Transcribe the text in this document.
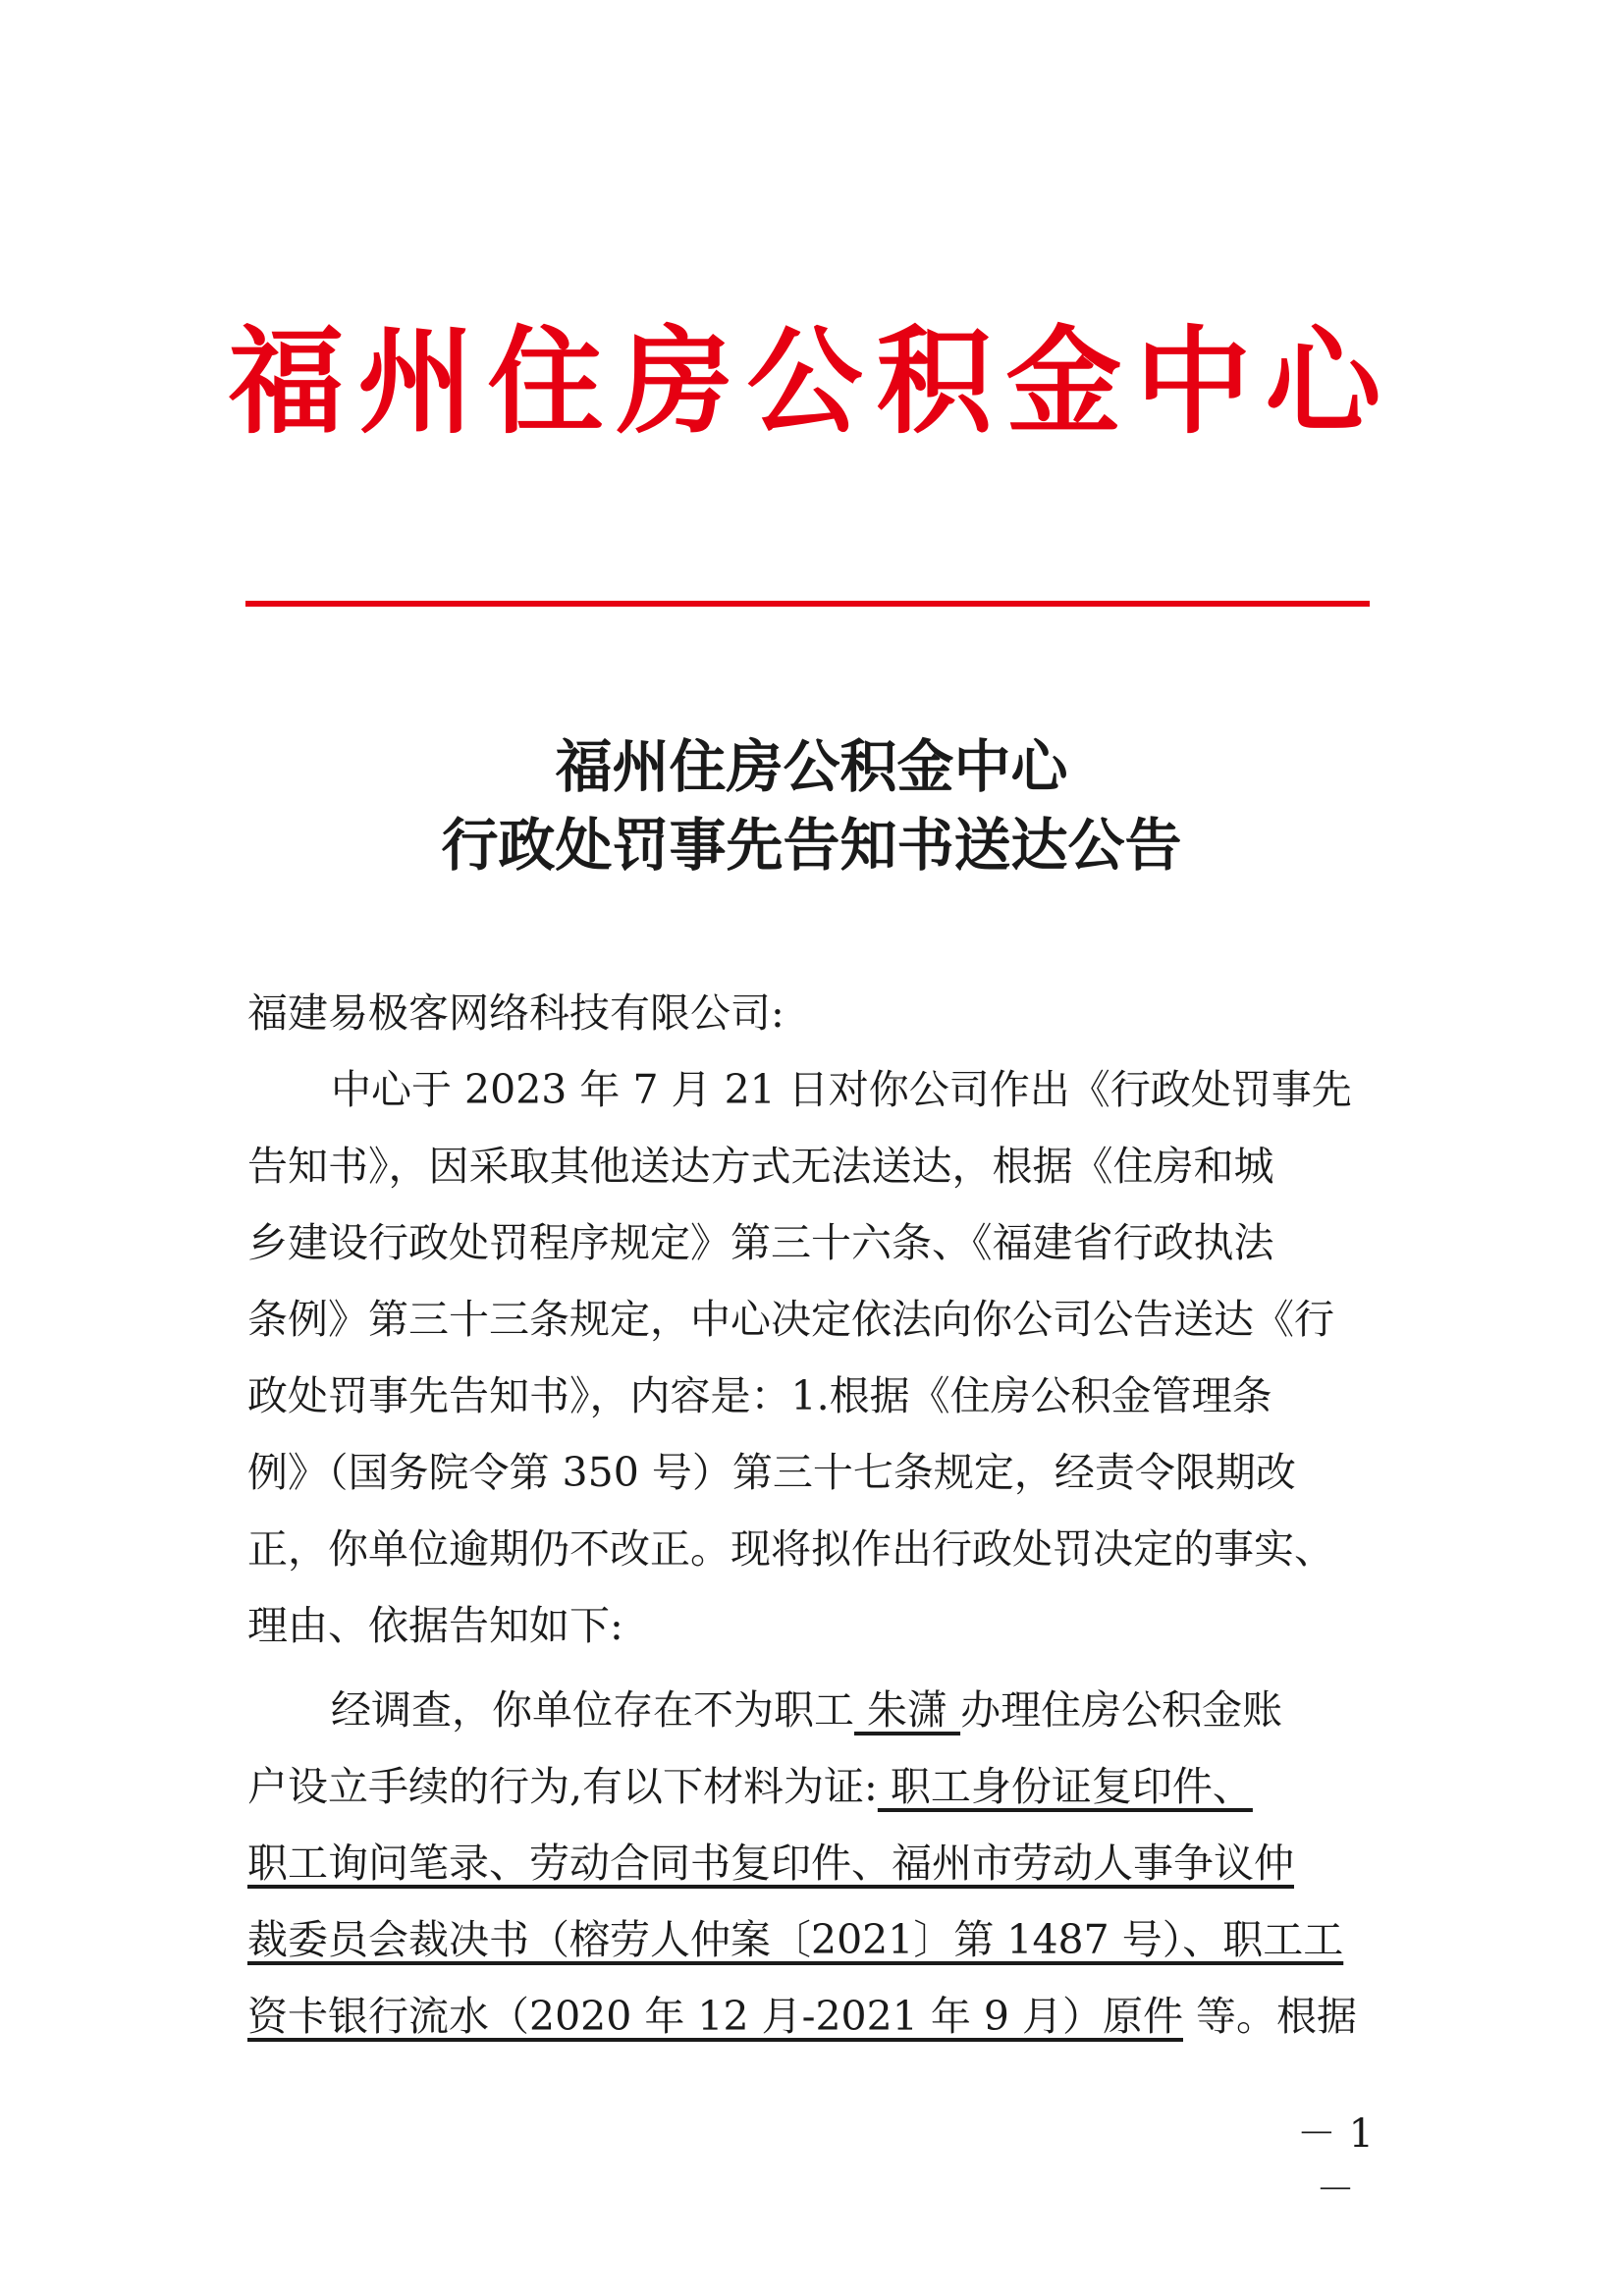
福州住房公积金中心
福州住房公积金中心
行政处罚事先告知书送达公告
福建易极客网络科技有限公司:
中心于 2023 年 7 月 21 日对你公司作出《行政处罚事先
告知书》，因采取其他送达方式无法送达，根据《住房和城
乡建设行政处罚程序规定》第三十六条、《福建省行政执法
条例》第三十三条规定，中心决定依法向你公司公告送达《行
政处罚事先告知书》，内容是：1.根据《住房公积金管理条
例》（国务院令第 350 号）第三十七条规定，经责令限期改
正，你单位逾期仍不改正。现将拟作出行政处罚决定的事实、
理由、依据告知如下:
经调查，你单位存在不为职工 朱潇 办理住房公积金账
户设立手续的行为,有以下材料为证: 职工身份证复印件、
职工询问笔录、劳动合同书复印件、福州市劳动人事争议仲
裁委员会裁决书（榕劳人仲案〔2021〕第 1487 号）、职工工
资卡银行流水（2020 年 12 月-2021 年 9 月）原件 等。根据
－ 1 －
